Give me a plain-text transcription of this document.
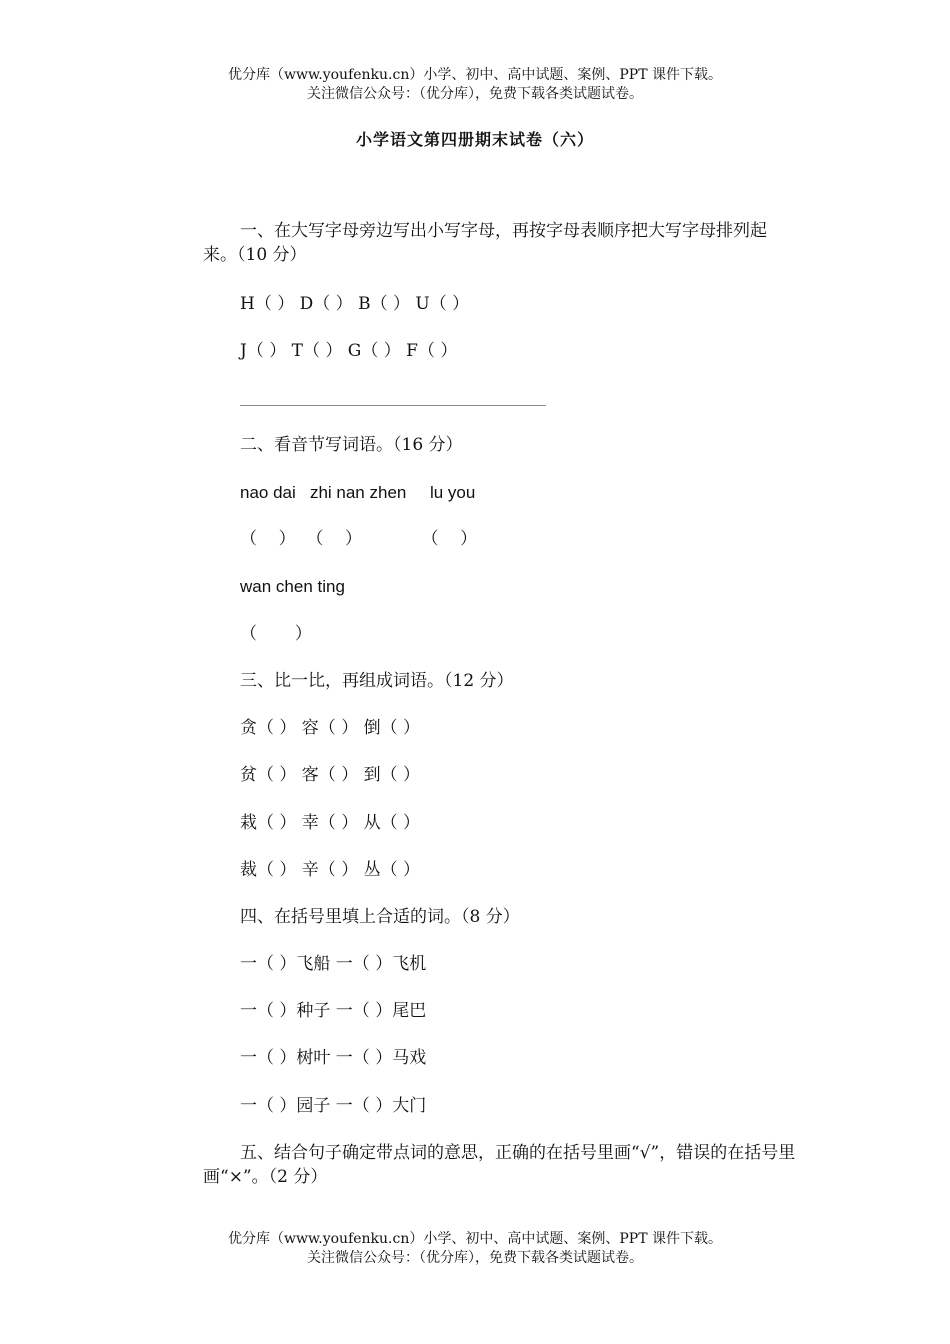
优分库（www.youfenku.cn）小学、初中、高中试题、案例、PPT 课件下载。
关注微信公众号：（优分库），免费下载各类试题试卷。
小学语文第四册期末试卷（六）
一、在大写字母旁边写出小写字母，再按字母表顺序把大写字母排列起来。（10 分）
H（ ） D（ ） B（ ） U（ ）
J（ ） T（ ） G（ ） F（ ）
二、看音节写词语。（16 分）
nao dai   zhi nan zhen     lu you
（    ）  （    ）           （    ）
wan chen ting
（       ）
三、比一比，再组成词语。（12 分）
贪（ ） 容（ ） 倒（ ）
贫（ ） 客（ ） 到（ ）
栽（ ） 幸（ ） 从（ ）
裁（ ） 辛（ ） 丛（ ）
四、在括号里填上合适的词。（8 分）
一（ ）飞船 一（ ）飞机
一（ ）种子 一（ ）尾巴
一（ ）树叶 一（ ）马戏
一（ ）园子 一（ ）大门
五、结合句子确定带点词的意思，正确的在括号里画“√”，错误的在括号里画“×”。（2 分）
优分库（www.youfenku.cn）小学、初中、高中试题、案例、PPT 课件下载。
关注微信公众号：（优分库），免费下载各类试题试卷。
